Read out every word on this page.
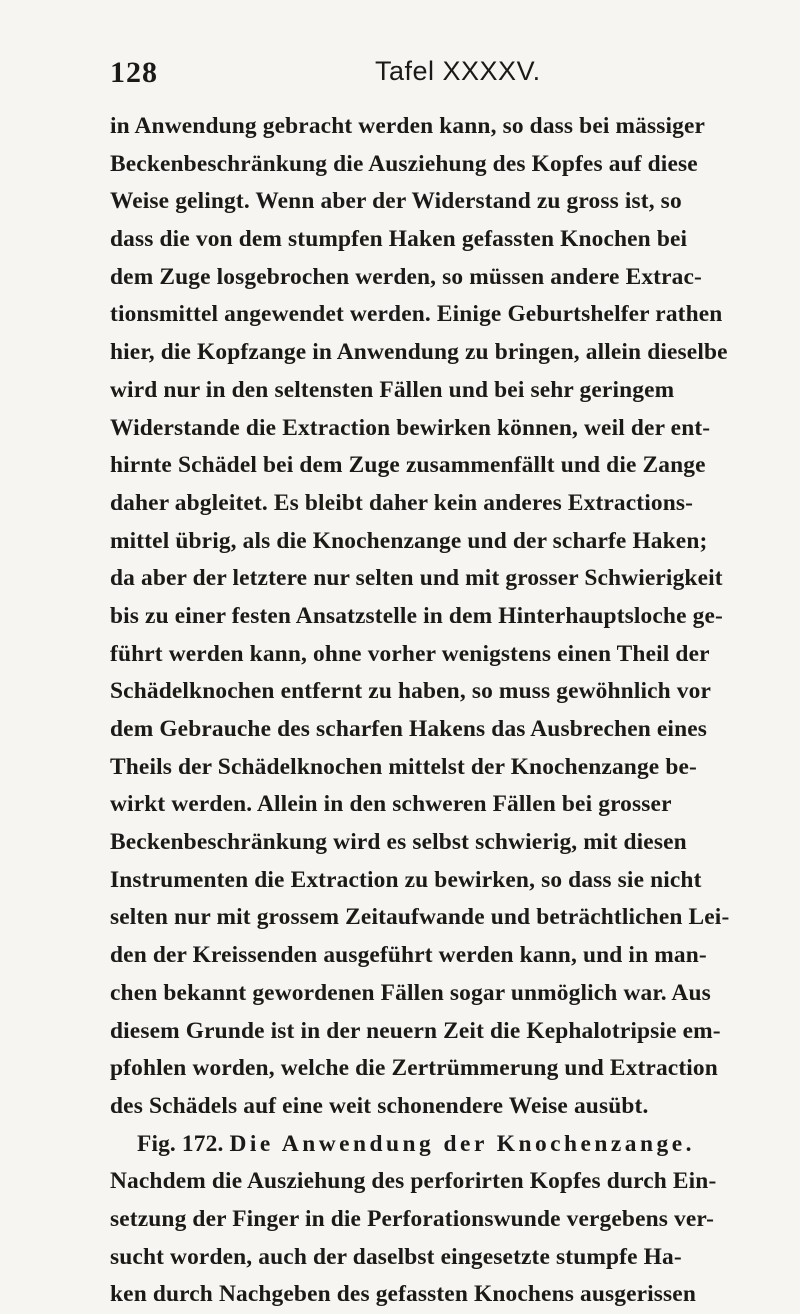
128	Tafel XXXXV.
in Anwendung gebracht werden kann, so dass bei mässiger
Beckenbeschränkung die Ausziehung des Kopfes auf diese
Weise gelingt. Wenn aber der Widerstand zu gross ist, so
dass die von dem stumpfen Haken gefassten Knochen bei
dem Zuge losgebrochen werden, so müssen andere Extrac-
tionsmittel angewendet werden. Einige Geburtshelfer rathen
hier, die Kopfzange in Anwendung zu bringen, allein dieselbe
wird nur in den seltensten Fällen und bei sehr geringem
Widerstande die Extraction bewirken können, weil der ent-
hirnte Schädel bei dem Zuge zusammenfällt und die Zange
daher abgleitet. Es bleibt daher kein anderes Extractions-
mittel übrig, als die Knochenzange und der scharfe Haken;
da aber der letztere nur selten und mit grosser Schwierigkeit
bis zu einer festen Ansatzstelle in dem Hinterhauptsloche ge-
führt werden kann, ohne vorher wenigstens einen Theil der
Schädelknochen entfernt zu haben, so muss gewöhnlich vor
dem Gebrauche des scharfen Hakens das Ausbrechen eines
Theils der Schädelknochen mittelst der Knochenzange be-
wirkt werden. Allein in den schweren Fällen bei grosser
Beckenbeschränkung wird es selbst schwierig, mit diesen
Instrumenten die Extraction zu bewirken, so dass sie nicht
selten nur mit grossem Zeitaufwande und beträchtlichen Lei-
den der Kreissenden ausgeführt werden kann, und in man-
chen bekannt gewordenen Fällen sogar unmöglich war. Aus
diesem Grunde ist in der neuern Zeit die Kephalotripsie em-
pfohlen worden, welche die Zertrümmerung und Extraction
des Schädels auf eine weit schonendere Weise ausübt.
Fig. 172. Die Anwendung der Knochenzange.
Nachdem die Ausziehung des perforirten Kopfes durch Ein-
setzung der Finger in die Perforationswunde vergebens ver-
sucht worden, auch der daselbst eingesetzte stumpfe Ha-
ken durch Nachgeben des gefassten Knochens ausgerissen
